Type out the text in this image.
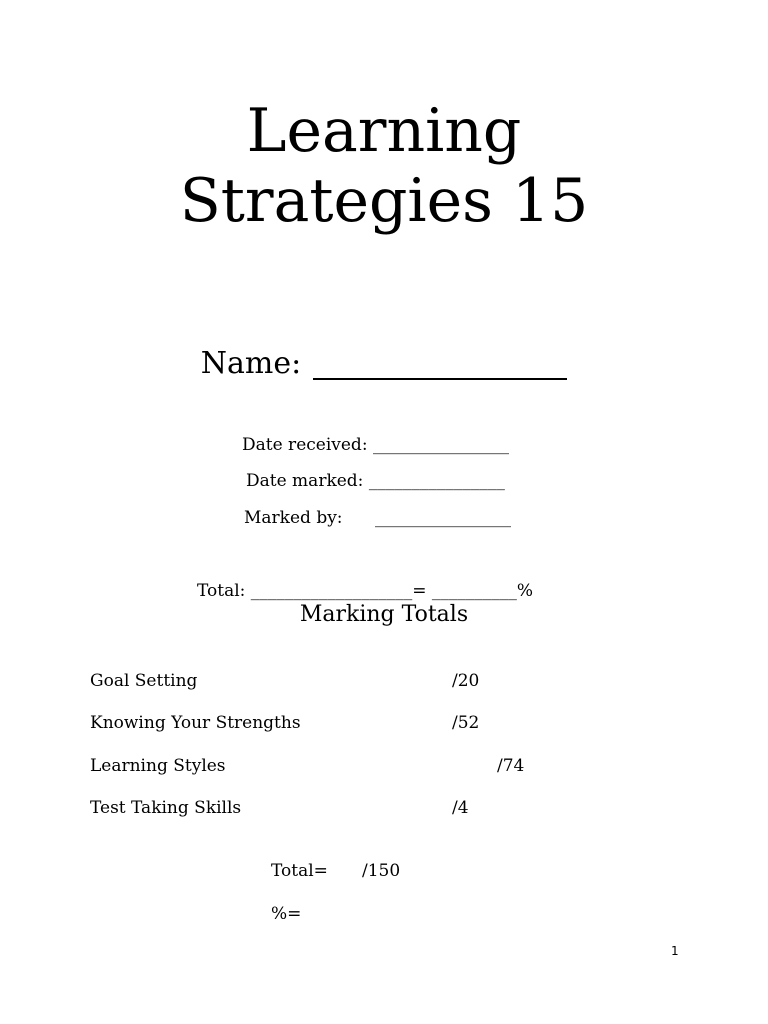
Learning
Strategies 15
Name:
Date received: ________________
Date marked: ________________
Marked by:      ________________
Total: ___________________= __________%
Marking Totals
Goal Setting	/20
Knowing Your Strengths	/52
Learning Styles	/74
Test Taking Skills	/4
Total= /150
%=
1
